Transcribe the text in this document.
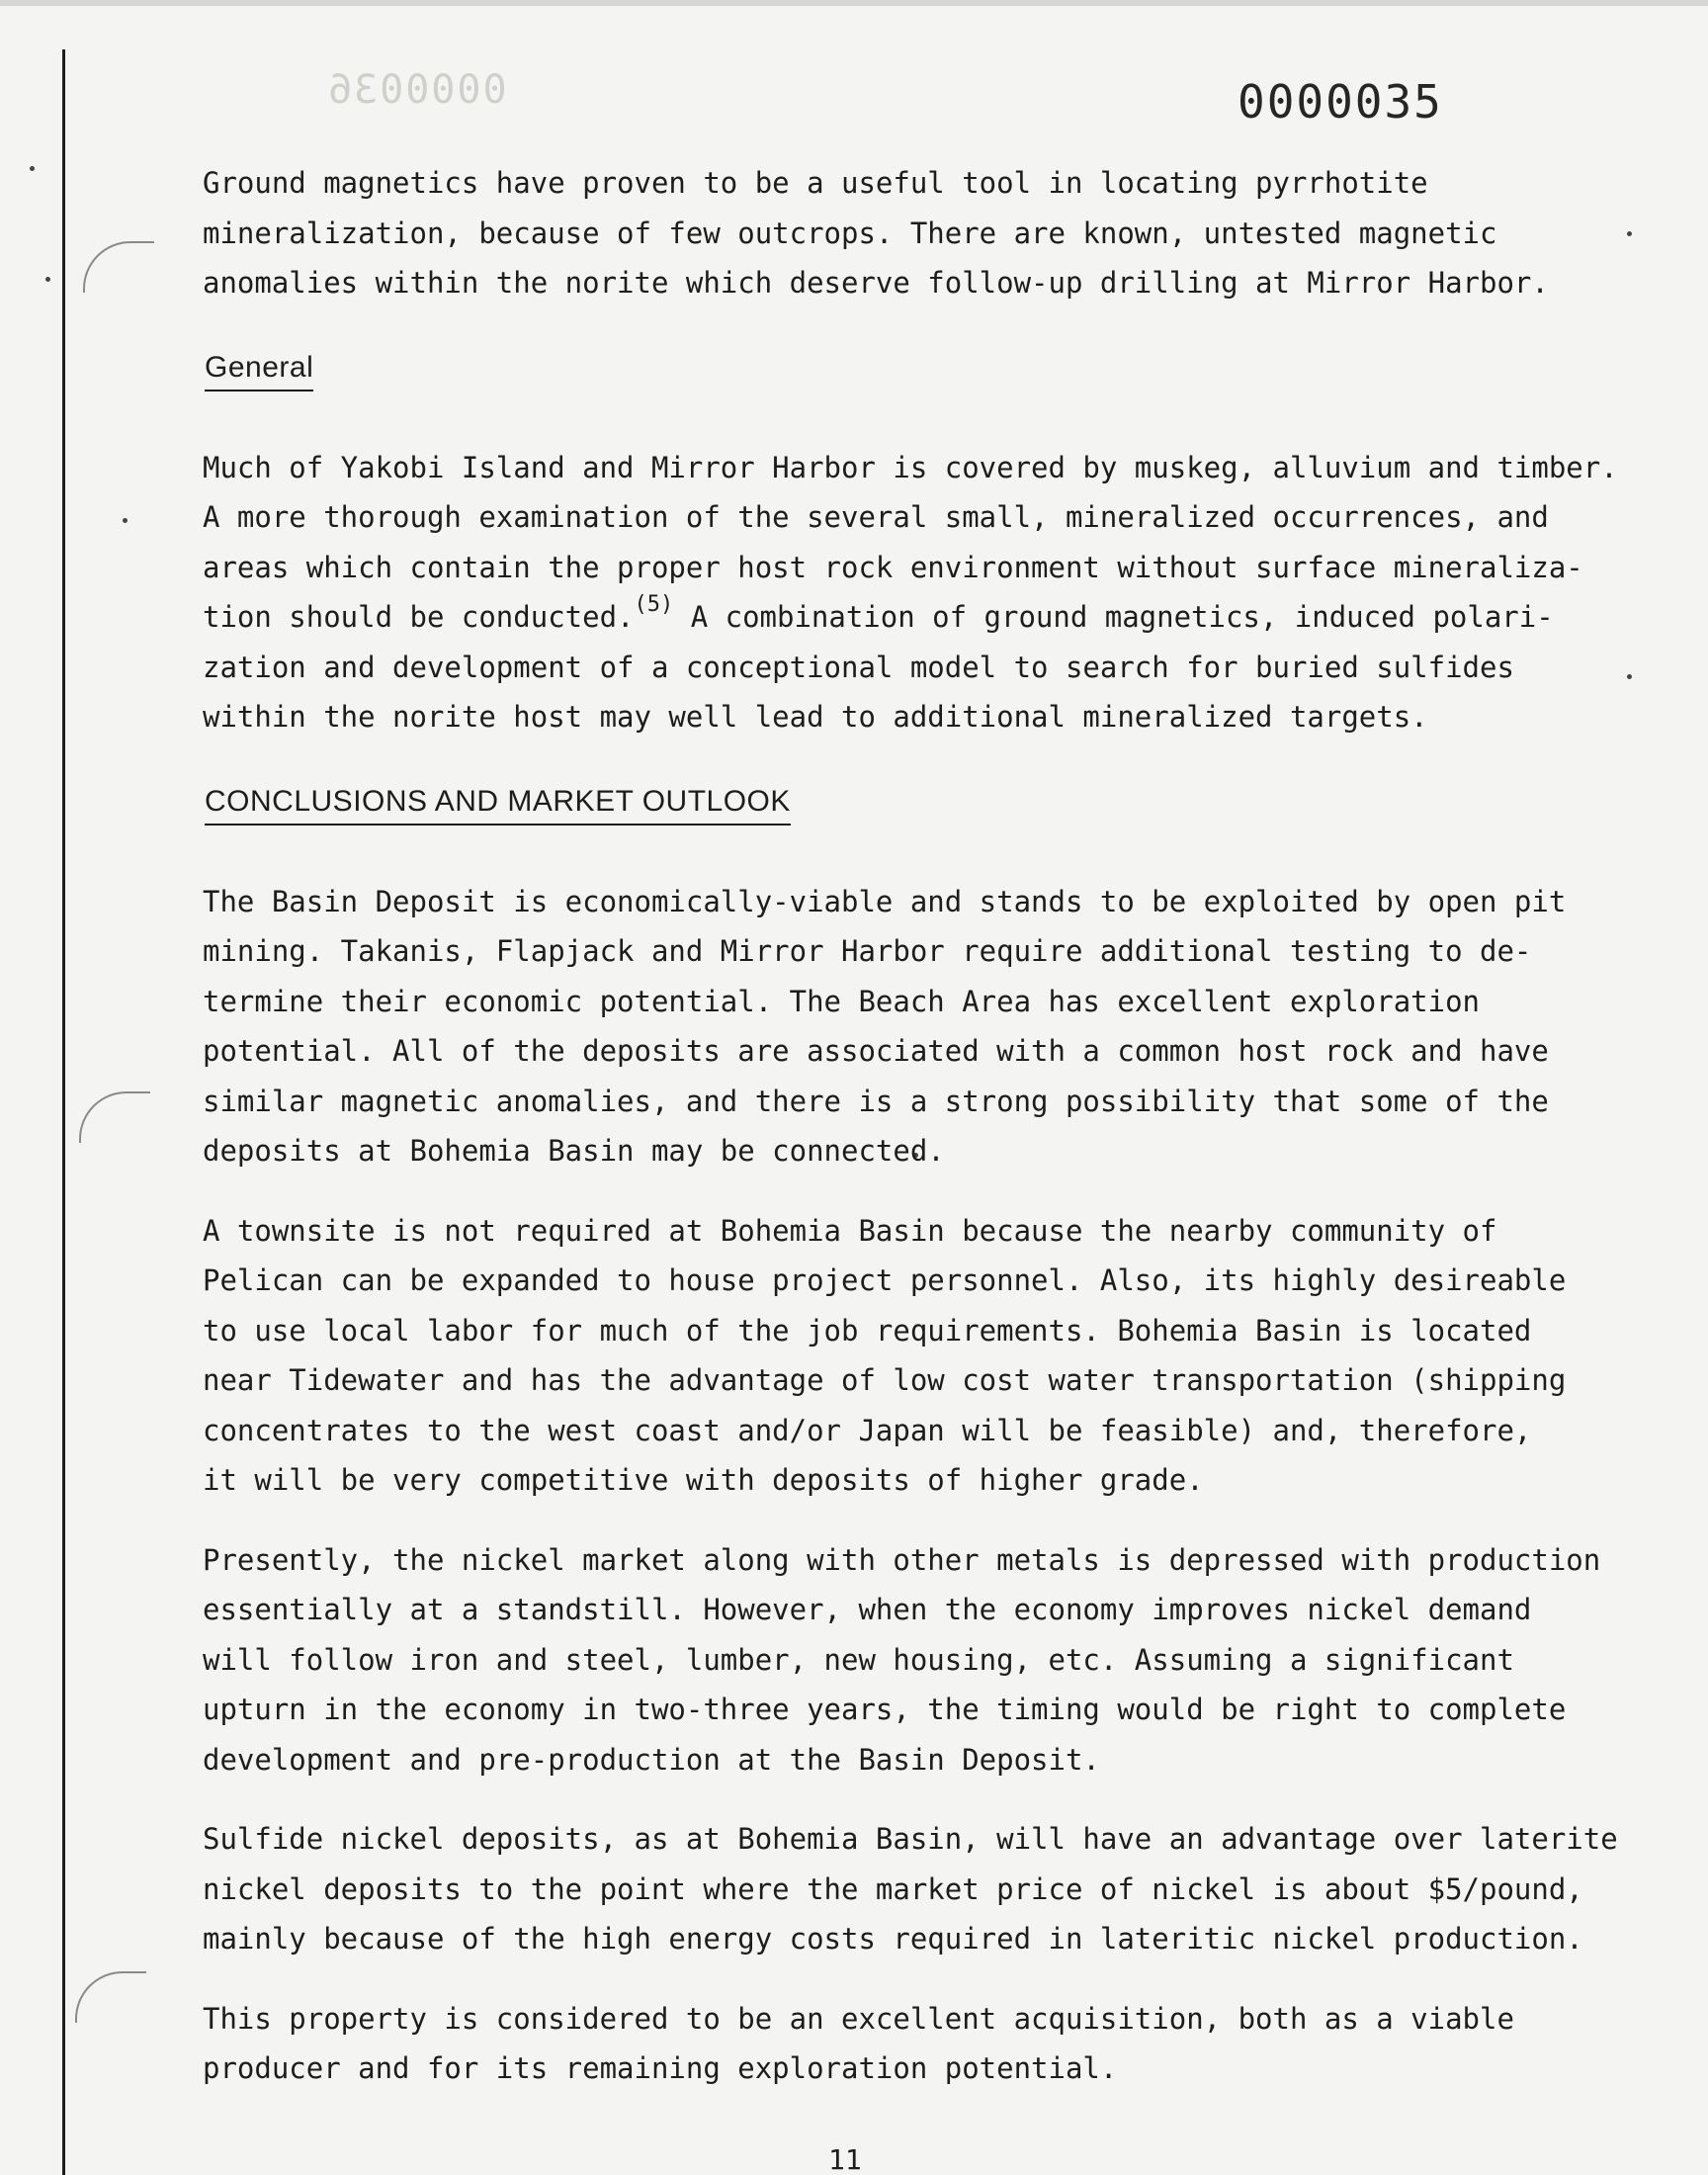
0000036	0000035

Ground magnetics have proven to be a useful tool in locating pyrrhotite
mineralization, because of few outcrops. There are known, untested magnetic
anomalies within the norite which deserve follow-up drilling at Mirror Harbor.

General

Much of Yakobi Island and Mirror Harbor is covered by muskeg, alluvium and timber.
A more thorough examination of the several small, mineralized occurrences, and
areas which contain the proper host rock environment without surface mineraliza-
tion should be conducted.$^{(5)}$ A combination of ground magnetics, induced polari-
zation and development of a conceptional model to search for buried sulfides
within the norite host may well lead to additional mineralized targets.

CONCLUSIONS AND MARKET OUTLOOK

The Basin Deposit is economically-viable and stands to be exploited by open pit
mining. Takanis, Flapjack and Mirror Harbor require additional testing to de-
termine their economic potential. The Beach Area has excellent exploration
potential. All of the deposits are associated with a common host rock and have
similar magnetic anomalies, and there is a strong possibility that some of the
deposits at Bohemia Basin may be connected.

A townsite is not required at Bohemia Basin because the nearby community of
Pelican can be expanded to house project personnel. Also, its highly desireable
to use local labor for much of the job requirements. Bohemia Basin is located
near Tidewater and has the advantage of low cost water transportation (shipping
concentrates to the west coast and/or Japan will be feasible) and, therefore,
it will be very competitive with deposits of higher grade.

Presently, the nickel market along with other metals is depressed with production
essentially at a standstill. However, when the economy improves nickel demand
will follow iron and steel, lumber, new housing, etc. Assuming a significant
upturn in the economy in two-three years, the timing would be right to complete
development and pre-production at the Basin Deposit.

Sulfide nickel deposits, as at Bohemia Basin, will have an advantage over laterite
nickel deposits to the point where the market price of nickel is about $5/pound,
mainly because of the high energy costs required in lateritic nickel production.

This property is considered to be an excellent acquisition, both as a viable
producer and for its remaining exploration potential.

11
